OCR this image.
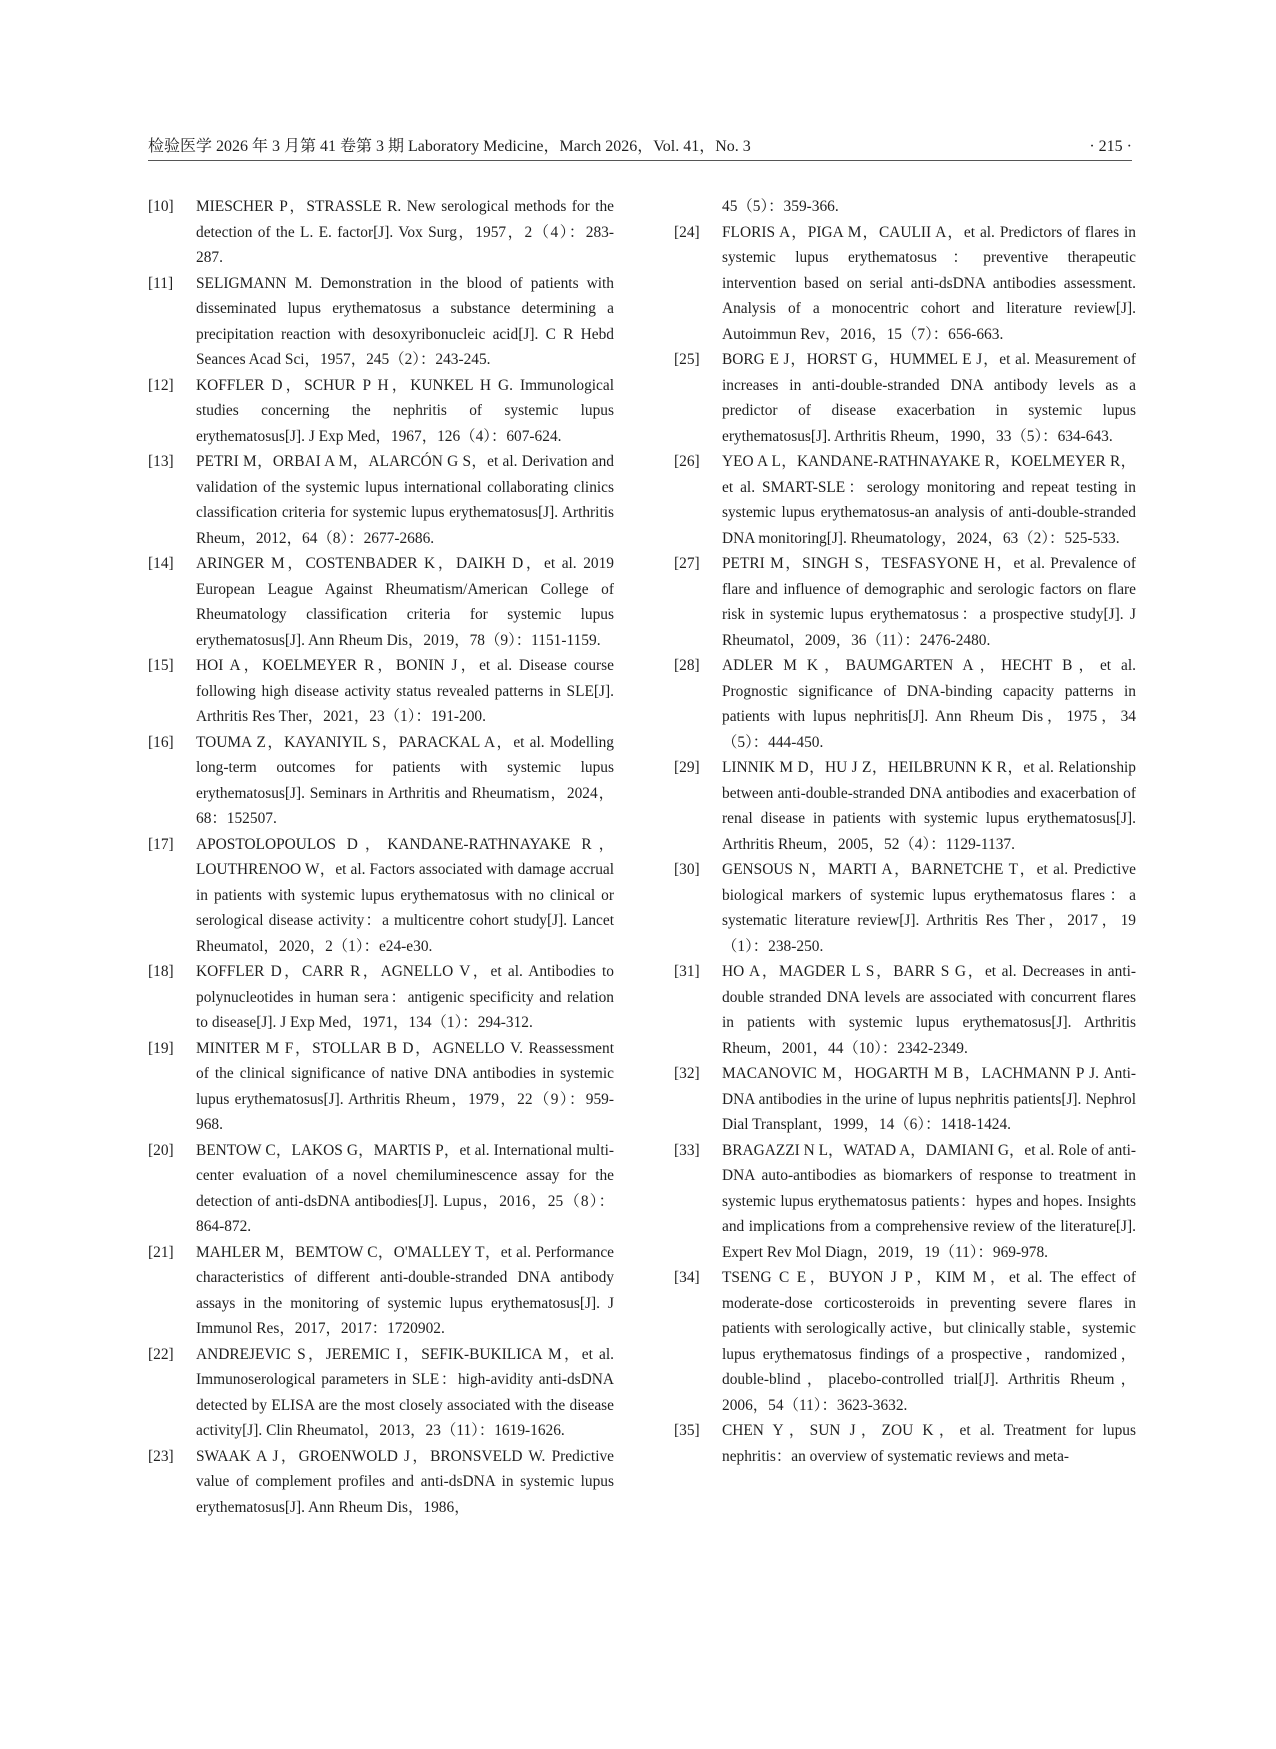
检验医学 2026 年 3 月第 41 卷第 3 期 Laboratory Medicine，March 2026，Vol. 41，No. 3	· 215 ·
[10] MIESCHER P，STRASSLE R. New serological methods for the detection of the L. E. factor[J]. Vox Surg，1957，2（4）：283-287.
[11] SELIGMANN M. Demonstration in the blood of patients with disseminated lupus erythematosus a substance determining a precipitation reaction with desoxyribonucleic acid[J]. C R Hebd Seances Acad Sci，1957，245（2）：243-245.
[12] KOFFLER D，SCHUR P H，KUNKEL H G. Immunological studies concerning the nephritis of systemic lupus erythematosus[J]. J Exp Med，1967，126（4）：607-624.
[13] PETRI M，ORBAI A M，ALARCÓN G S，et al. Derivation and validation of the systemic lupus international collaborating clinics classification criteria for systemic lupus erythematosus[J]. Arthritis Rheum，2012，64（8）：2677-2686.
[14] ARINGER M，COSTENBADER K，DAIKH D，et al. 2019 European League Against Rheumatism/American College of Rheumatology classification criteria for systemic lupus erythematosus[J]. Ann Rheum Dis，2019，78（9）：1151-1159.
[15] HOI A，KOELMEYER R，BONIN J，et al. Disease course following high disease activity status revealed patterns in SLE[J]. Arthritis Res Ther，2021，23（1）：191-200.
[16] TOUMA Z，KAYANIYIL S，PARACKAL A，et al. Modelling long-term outcomes for patients with systemic lupus erythematosus[J]. Seminars in Arthritis and Rheumatism，2024，68：152507.
[17] APOSTOLOPOULOS D，KANDANE-RATHNAYAKE R，LOUTHRENOO W，et al. Factors associated with damage accrual in patients with systemic lupus erythematosus with no clinical or serological disease activity：a multicentre cohort study[J]. Lancet Rheumatol，2020，2（1）：e24-e30.
[18] KOFFLER D，CARR R，AGNELLO V，et al. Antibodies to polynucleotides in human sera：antigenic specificity and relation to disease[J]. J Exp Med，1971，134（1）：294-312.
[19] MINITER M F，STOLLAR B D，AGNELLO V. Reassessment of the clinical significance of native DNA antibodies in systemic lupus erythematosus[J]. Arthritis Rheum，1979，22（9）：959-968.
[20] BENTOW C，LAKOS G，MARTIS P，et al. International multi-center evaluation of a novel chemiluminescence assay for the detection of anti-dsDNA antibodies[J]. Lupus，2016，25（8）：864-872.
[21] MAHLER M，BEMTOW C，O'MALLEY T，et al. Performance characteristics of different anti-double-stranded DNA antibody assays in the monitoring of systemic lupus erythematosus[J]. J Immunol Res，2017，2017：1720902.
[22] ANDREJEVIC S，JEREMIC I，SEFIK-BUKILICA M，et al. Immunoserological parameters in SLE：high-avidity anti-dsDNA detected by ELISA are the most closely associated with the disease activity[J]. Clin Rheumatol，2013，23（11）：1619-1626.
[23] SWAAK A J，GROENWOLD J，BRONSVELD W. Predictive value of complement profiles and anti-dsDNA in systemic lupus erythematosus[J]. Ann Rheum Dis，1986，
45（5）：359-366.
[24] FLORIS A，PIGA M，CAULII A，et al. Predictors of flares in systemic lupus erythematosus：preventive therapeutic intervention based on serial anti-dsDNA antibodies assessment. Analysis of a monocentric cohort and literature review[J]. Autoimmun Rev，2016，15（7）：656-663.
[25] BORG E J，HORST G，HUMMEL E J，et al. Measurement of increases in anti-double-stranded DNA antibody levels as a predictor of disease exacerbation in systemic lupus erythematosus[J]. Arthritis Rheum，1990，33（5）：634-643.
[26] YEO A L，KANDANE-RATHNAYAKE R，KOELMEYER R，et al. SMART-SLE：serology monitoring and repeat testing in systemic lupus erythematosus-an analysis of anti-double-stranded DNA monitoring[J]. Rheumatology，2024，63（2）：525-533.
[27] PETRI M，SINGH S，TESFASYONE H，et al. Prevalence of flare and influence of demographic and serologic factors on flare risk in systemic lupus erythematosus：a prospective study[J]. J Rheumatol，2009，36（11）：2476-2480.
[28] ADLER M K，BAUMGARTEN A，HECHT B，et al. Prognostic significance of DNA-binding capacity patterns in patients with lupus nephritis[J]. Ann Rheum Dis，1975，34（5）：444-450.
[29] LINNIK M D，HU J Z，HEILBRUNN K R，et al. Relationship between anti-double-stranded DNA antibodies and exacerbation of renal disease in patients with systemic lupus erythematosus[J]. Arthritis Rheum，2005，52（4）：1129-1137.
[30] GENSOUS N，MARTI A，BARNETCHE T，et al. Predictive biological markers of systemic lupus erythematosus flares：a systematic literature review[J]. Arthritis Res Ther，2017，19（1）：238-250.
[31] HO A，MAGDER L S，BARR S G，et al. Decreases in anti-double stranded DNA levels are associated with concurrent flares in patients with systemic lupus erythematosus[J]. Arthritis Rheum，2001，44（10）：2342-2349.
[32] MACANOVIC M，HOGARTH M B，LACHMANN P J. Anti-DNA antibodies in the urine of lupus nephritis patients[J]. Nephrol Dial Transplant，1999，14（6）：1418-1424.
[33] BRAGAZZI N L，WATAD A，DAMIANI G，et al. Role of anti-DNA auto-antibodies as biomarkers of response to treatment in systemic lupus erythematosus patients：hypes and hopes. Insights and implications from a comprehensive review of the literature[J]. Expert Rev Mol Diagn，2019，19（11）：969-978.
[34] TSENG C E，BUYON J P，KIM M，et al. The effect of moderate-dose corticosteroids in preventing severe flares in patients with serologically active，but clinically stable，systemic lupus erythematosus findings of a prospective，randomized，double-blind，placebo-controlled trial[J]. Arthritis Rheum，2006，54（11）：3623-3632.
[35] CHEN Y，SUN J，ZOU K，et al. Treatment for lupus nephritis：an overview of systematic reviews and meta-
